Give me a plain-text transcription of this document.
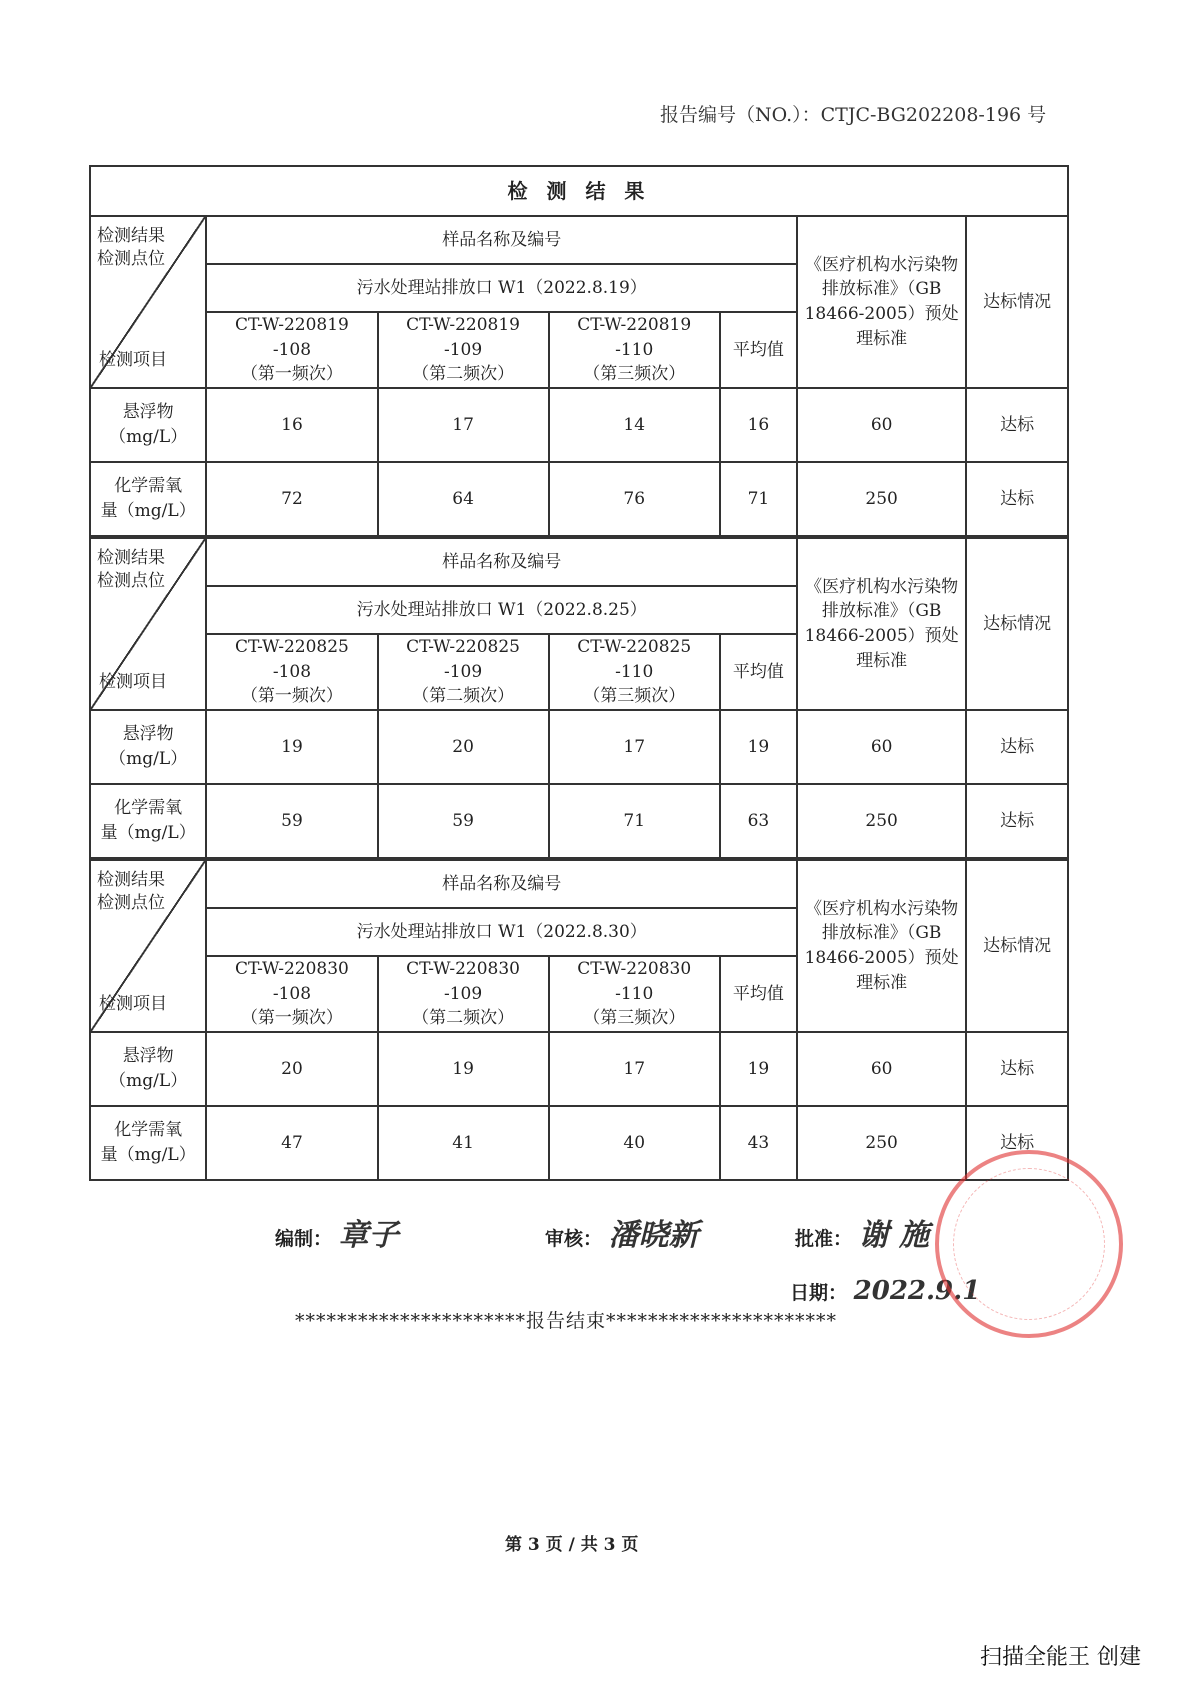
报告编号（NO.）：CTJC-BG202208-196 号
检 测 结 果
检测结果
检测点位
检测项目	样品名称及编号				《医疗机构水污染物排放标准》（GB 18466-2005）预处理标准	达标情况
	污水处理站排放口 W1（2022.8.19）					
	CT-W-220819
-108
（第一频次）	CT-W-220819
-109
（第二频次）	CT-W-220819
-110
（第三频次）	平均值		
悬浮物
（mg/L）	16	17	14	16	60	达标
化学需氧
量（mg/L）	72	64	76	71	250	达标
检测结果
检测点位
检测项目	样品名称及编号				《医疗机构水污染物排放标准》（GB 18466-2005）预处理标准	达标情况
	污水处理站排放口 W1（2022.8.25）					
	CT-W-220825
-108
（第一频次）	CT-W-220825
-109
（第二频次）	CT-W-220825
-110
（第三频次）	平均值		
悬浮物
（mg/L）	19	20	17	19	60	达标
化学需氧
量（mg/L）	59	59	71	63	250	达标
检测结果
检测点位
检测项目	样品名称及编号				《医疗机构水污染物排放标准》（GB 18466-2005）预处理标准	达标情况
	污水处理站排放口 W1（2022.8.30）					
	CT-W-220830
-108
（第一频次）	CT-W-220830
-109
（第二频次）	CT-W-220830
-110
（第三频次）	平均值		
悬浮物
（mg/L）	20	19	17	19	60	达标
化学需氧
量（mg/L）	47	41	40	43	250	达标
编制： 章子	审核： 潘晓新	批准： 谢 施
日期： 2022.9.1
**********************报告结束**********************
第 3 页 / 共 3 页
扫描全能王 创建
